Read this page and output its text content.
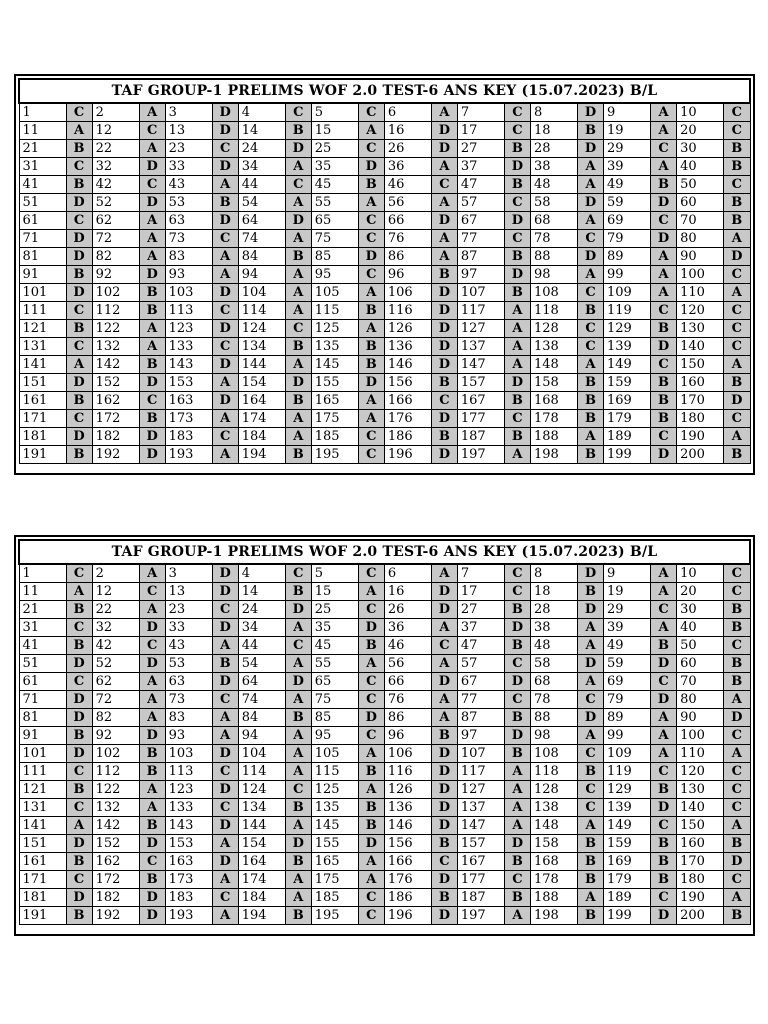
TAF GROUP-1 PRELIMS WOF 2.0 TEST-6 ANS KEY (15.07.2023) B/L																			
1	C	2	A	3	D	4	C	5	C	6	A	7	C	8	D	9	A	10	C
11	A	12	C	13	D	14	B	15	A	16	D	17	C	18	B	19	A	20	C
21	B	22	A	23	C	24	D	25	C	26	D	27	B	28	D	29	C	30	B
31	C	32	D	33	D	34	A	35	D	36	A	37	D	38	A	39	A	40	B
41	B	42	C	43	A	44	C	45	B	46	C	47	B	48	A	49	B	50	C
51	D	52	D	53	B	54	A	55	A	56	A	57	C	58	D	59	D	60	B
61	C	62	A	63	D	64	D	65	C	66	D	67	D	68	A	69	C	70	B
71	D	72	A	73	C	74	A	75	C	76	A	77	C	78	C	79	D	80	A
81	D	82	A	83	A	84	B	85	D	86	A	87	B	88	D	89	A	90	D
91	B	92	D	93	A	94	A	95	C	96	B	97	D	98	A	99	A	100	C
101	D	102	B	103	D	104	A	105	A	106	D	107	B	108	C	109	A	110	A
111	C	112	B	113	C	114	A	115	B	116	D	117	A	118	B	119	C	120	C
121	B	122	A	123	D	124	C	125	A	126	D	127	A	128	C	129	B	130	C
131	C	132	A	133	C	134	B	135	B	136	D	137	A	138	C	139	D	140	C
141	A	142	B	143	D	144	A	145	B	146	D	147	A	148	A	149	C	150	A
151	D	152	D	153	A	154	D	155	D	156	B	157	D	158	B	159	B	160	B
161	B	162	C	163	D	164	B	165	A	166	C	167	B	168	B	169	B	170	D
171	C	172	B	173	A	174	A	175	A	176	D	177	C	178	B	179	B	180	C
181	D	182	D	183	C	184	A	185	C	186	B	187	B	188	A	189	C	190	A
191	B	192	D	193	A	194	B	195	C	196	D	197	A	198	B	199	D	200	B
TAF GROUP-1 PRELIMS WOF 2.0 TEST-6 ANS KEY (15.07.2023) B/L																			
1	C	2	A	3	D	4	C	5	C	6	A	7	C	8	D	9	A	10	C
11	A	12	C	13	D	14	B	15	A	16	D	17	C	18	B	19	A	20	C
21	B	22	A	23	C	24	D	25	C	26	D	27	B	28	D	29	C	30	B
31	C	32	D	33	D	34	A	35	D	36	A	37	D	38	A	39	A	40	B
41	B	42	C	43	A	44	C	45	B	46	C	47	B	48	A	49	B	50	C
51	D	52	D	53	B	54	A	55	A	56	A	57	C	58	D	59	D	60	B
61	C	62	A	63	D	64	D	65	C	66	D	67	D	68	A	69	C	70	B
71	D	72	A	73	C	74	A	75	C	76	A	77	C	78	C	79	D	80	A
81	D	82	A	83	A	84	B	85	D	86	A	87	B	88	D	89	A	90	D
91	B	92	D	93	A	94	A	95	C	96	B	97	D	98	A	99	A	100	C
101	D	102	B	103	D	104	A	105	A	106	D	107	B	108	C	109	A	110	A
111	C	112	B	113	C	114	A	115	B	116	D	117	A	118	B	119	C	120	C
121	B	122	A	123	D	124	C	125	A	126	D	127	A	128	C	129	B	130	C
131	C	132	A	133	C	134	B	135	B	136	D	137	A	138	C	139	D	140	C
141	A	142	B	143	D	144	A	145	B	146	D	147	A	148	A	149	C	150	A
151	D	152	D	153	A	154	D	155	D	156	B	157	D	158	B	159	B	160	B
161	B	162	C	163	D	164	B	165	A	166	C	167	B	168	B	169	B	170	D
171	C	172	B	173	A	174	A	175	A	176	D	177	C	178	B	179	B	180	C
181	D	182	D	183	C	184	A	185	C	186	B	187	B	188	A	189	C	190	A
191	B	192	D	193	A	194	B	195	C	196	D	197	A	198	B	199	D	200	B
